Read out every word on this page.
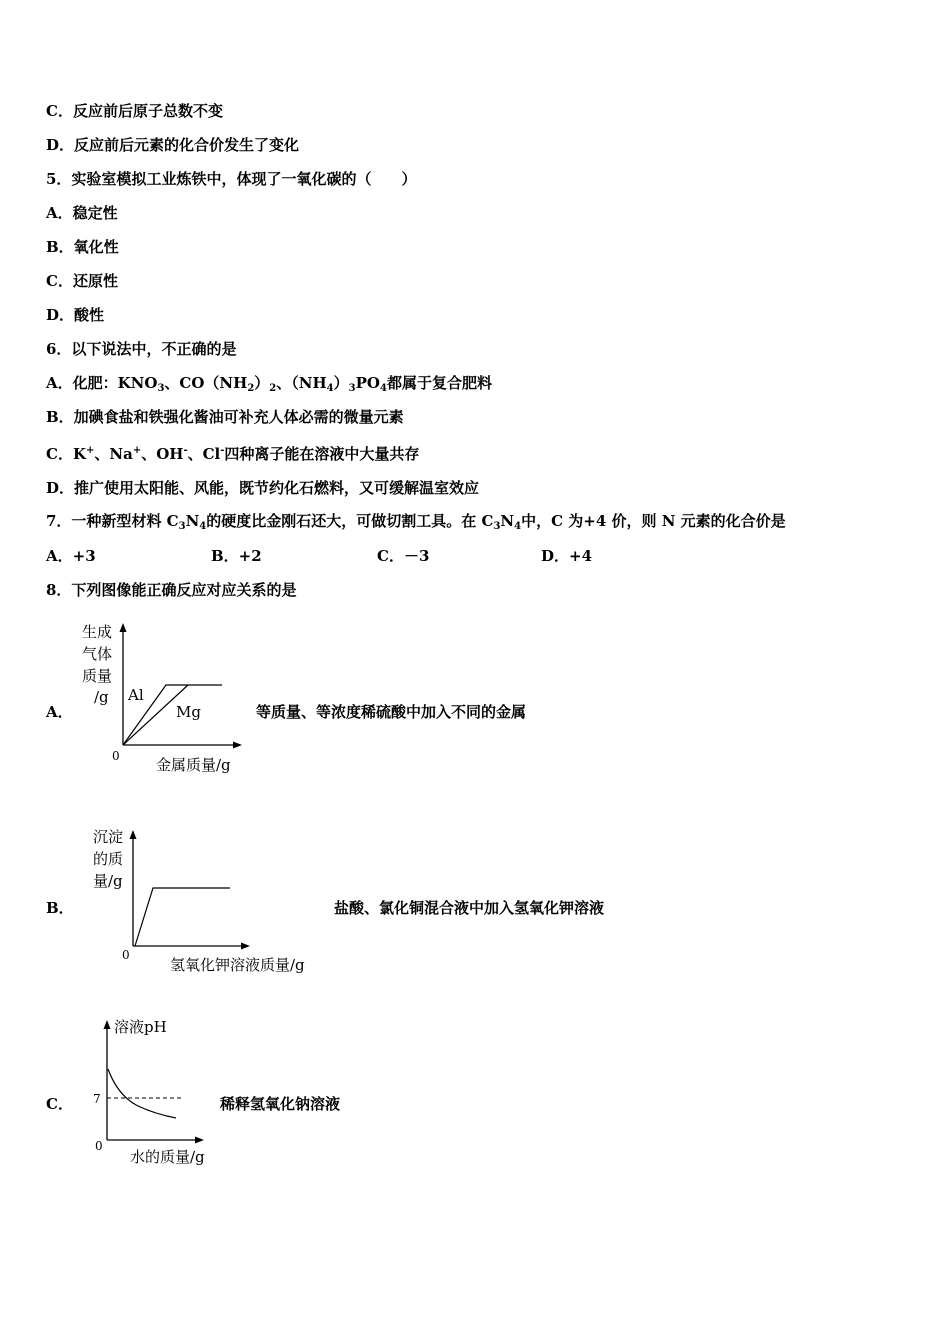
C．反应前后原子总数不变
D．反应前后元素的化合价发生了变化
5．实验室模拟工业炼铁中，体现了一氧化碳的（　　）
A．稳定性
B．氧化性
C．还原性
D．酸性
6．以下说法中，不正确的是
A．化肥：$KNO_3$、$CO(NH_2)_2$、$(NH_4)_3PO_4$都属于复合肥料
B．加碘食盐和铁强化酱油可补充人体必需的微量元素
C．K+、Na+、OH-、Cl-四种离子能在溶液中大量共存
D．推广使用太阳能、风能，既节约化石燃料，又可缓解温室效应
7．一种新型材料 $C_3N_4$的硬度比金刚石还大，可做切割工具。在 $C_3N_4$中，C 为+4 价，则 N 元素的化合价是
A．+3	B．+2	C．－3	D．+4
8．下列图像能正确反应对应关系的是
A．
生成
气体
质量
/g Al
Mg
0 金属质量/g
等质量、等浓度稀硫酸中加入不同的金属
B．
沉淀
的质
量/g
0
氢氧化钾溶液质量/g
盐酸、氯化铜混合液中加入氢氧化钾溶液
C．
溶液pH
7
0
水的质量/g
稀释氢氧化钠溶液
